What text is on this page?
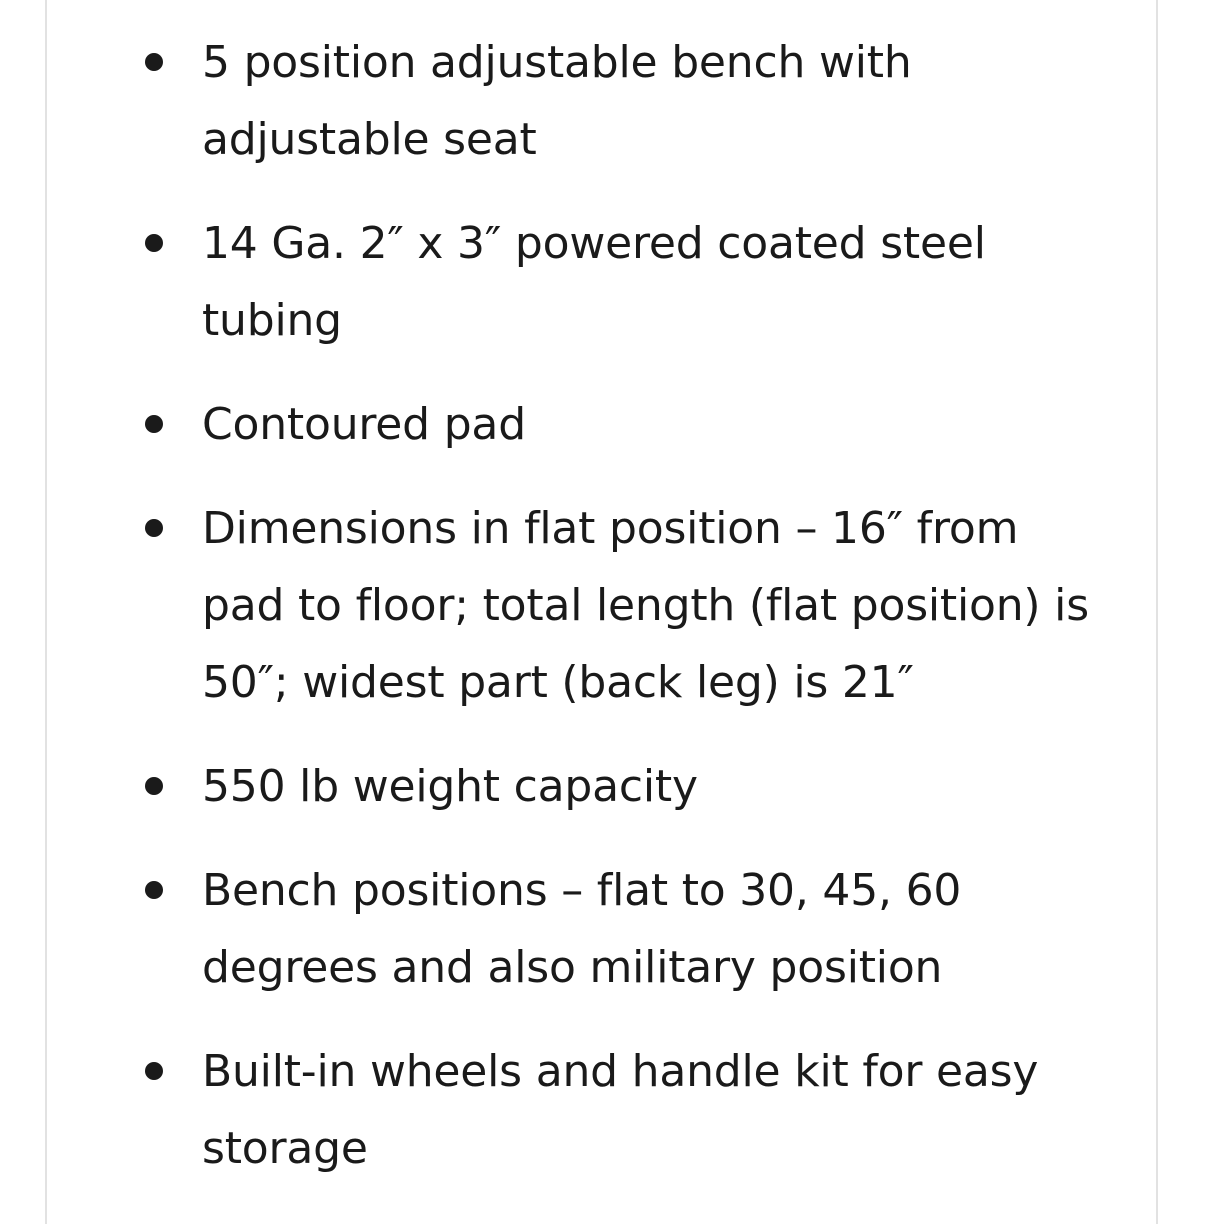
5 position adjustable bench with adjustable seat
14 Ga. 2″ x 3″ powered coated steel tubing
Contoured pad
Dimensions in flat position – 16″ from pad to floor; total length (flat position) is 50″; widest part (back leg) is 21″
550 lb weight capacity
Bench positions – flat to 30, 45, 60 degrees and also military position
Built-in wheels and handle kit for easy storage
